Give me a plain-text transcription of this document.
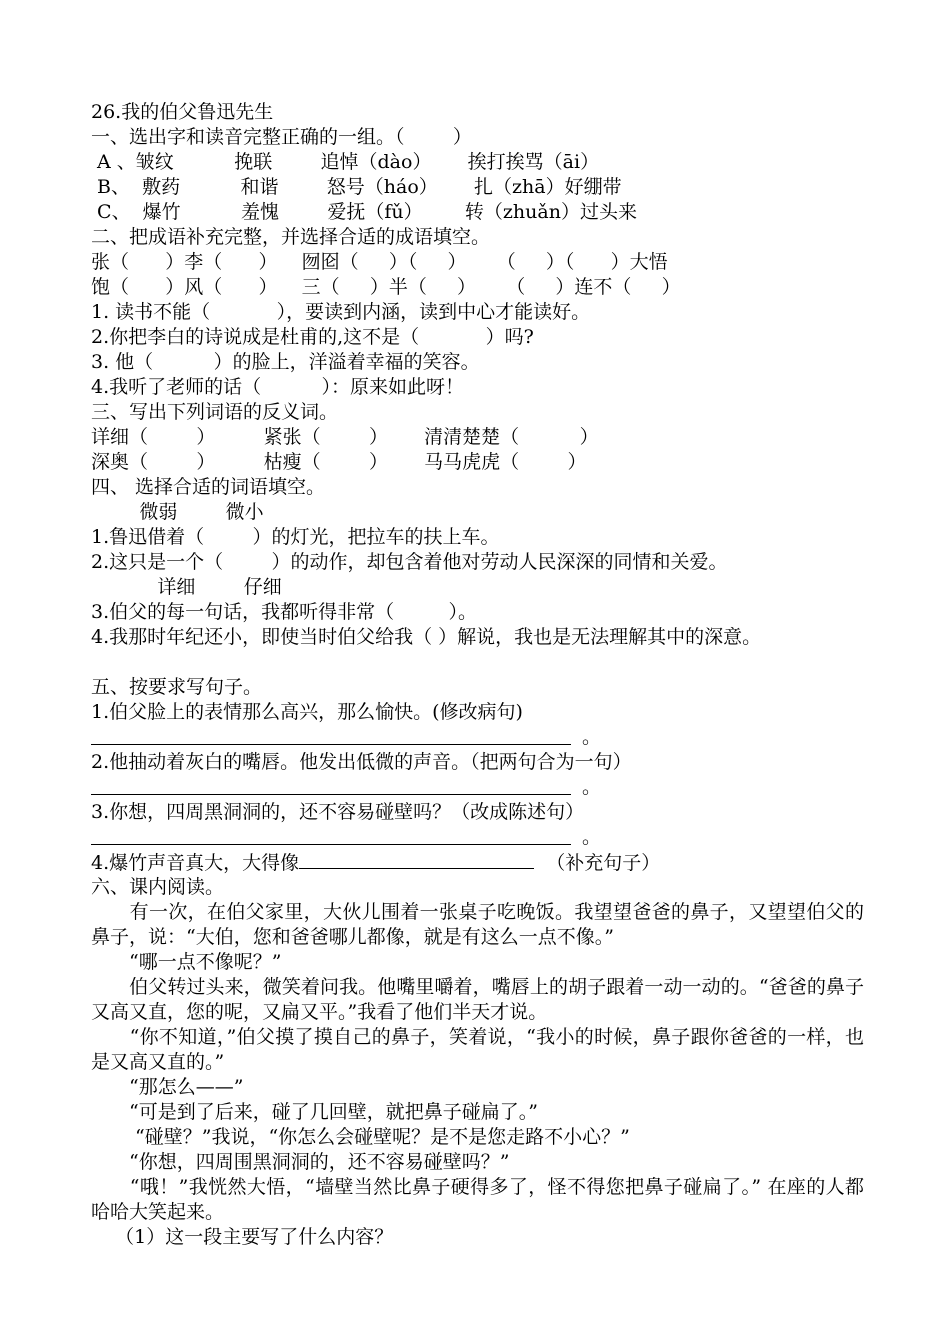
26.我的伯父鲁迅先生
一、选出字和读音完整正确的一组。（        ）
A 、皱纹          挽联        追悼（dào）      挨打挨骂（āi）
B、  敷药          和谐        怒号（háo）      扎（zhā）好绷带
C、  爆竹          羞愧        爱抚（fǔ）       转（zhuǎn）过头来
二、把成语补充完整，并选择合适的成语填空。
张（      ）李（      ）    囫囵（     ）（     ）     （     ）（      ）大悟
饱（      ）风（      ）    三（     ）半（     ）     （     ）连不（     ）
1. 读书不能（           ），要读到内涵，读到中心才能读好。
2.你把李白的诗说成是杜甫的,这不是（           ）吗?
3. 他（          ）的脸上，洋溢着幸福的笑容。
4.我听了老师的话（          ）：原来如此呀！
三、写出下列词语的反义词。
详细（        ）        紧张（        ）      清清楚楚（          ）
深奥（        ）        枯瘦（        ）      马马虎虎（        ）
四、 选择合适的词语填空。
微弱        微小
1.鲁迅借着（        ）的灯光，把拉车的扶上车。
2.这只是一个（        ）的动作，却包含着他对劳动人民深深的同情和关爱。
详细        仔细
3.伯父的每一句话，我都听得非常（         ）。
4.我那时年纪还小，即使当时伯父给我（ ）解说，我也是无法理解其中的深意。
五、按要求写句子。
1.伯父脸上的表情那么高兴，那么愉快。(修改病句)
。
2.他抽动着灰白的嘴唇。他发出低微的声音。（把两句合为一句）
。
3.你想，四周黑洞洞的，还不容易碰壁吗？（改成陈述句）
。
4.爆竹声音真大，大得像	（补充句子）
六、课内阅读。
　　有一次，在伯父家里，大伙儿围着一张桌子吃晚饭。我望望爸爸的鼻子，又望望伯父的鼻子，说：“大伯，您和爸爸哪儿都像，就是有这么一点不像。”
　　“哪一点不像呢？”
　　伯父转过头来，微笑着问我。他嘴里嚼着，嘴唇上的胡子跟着一动一动的。“爸爸的鼻子又高又直，您的呢，又扁又平。”我看了他们半天才说。
　　“你不知道，”伯父摸了摸自己的鼻子，笑着说，“我小的时候，鼻子跟你爸爸的一样，也是又高又直的。”
　　“那怎么——”
　　“可是到了后来，碰了几回壁，就把鼻子碰扁了。”
　　 “碰壁？”我说，“你怎么会碰壁呢？是不是您走路不小心？”
　　“你想，四周围黑洞洞的，还不容易碰壁吗？”
　　“哦！”我恍然大悟，“墙壁当然比鼻子硬得多了，怪不得您把鼻子碰扁了。” 在座的人都哈哈大笑起来。
（1）这一段主要写了什么内容？
